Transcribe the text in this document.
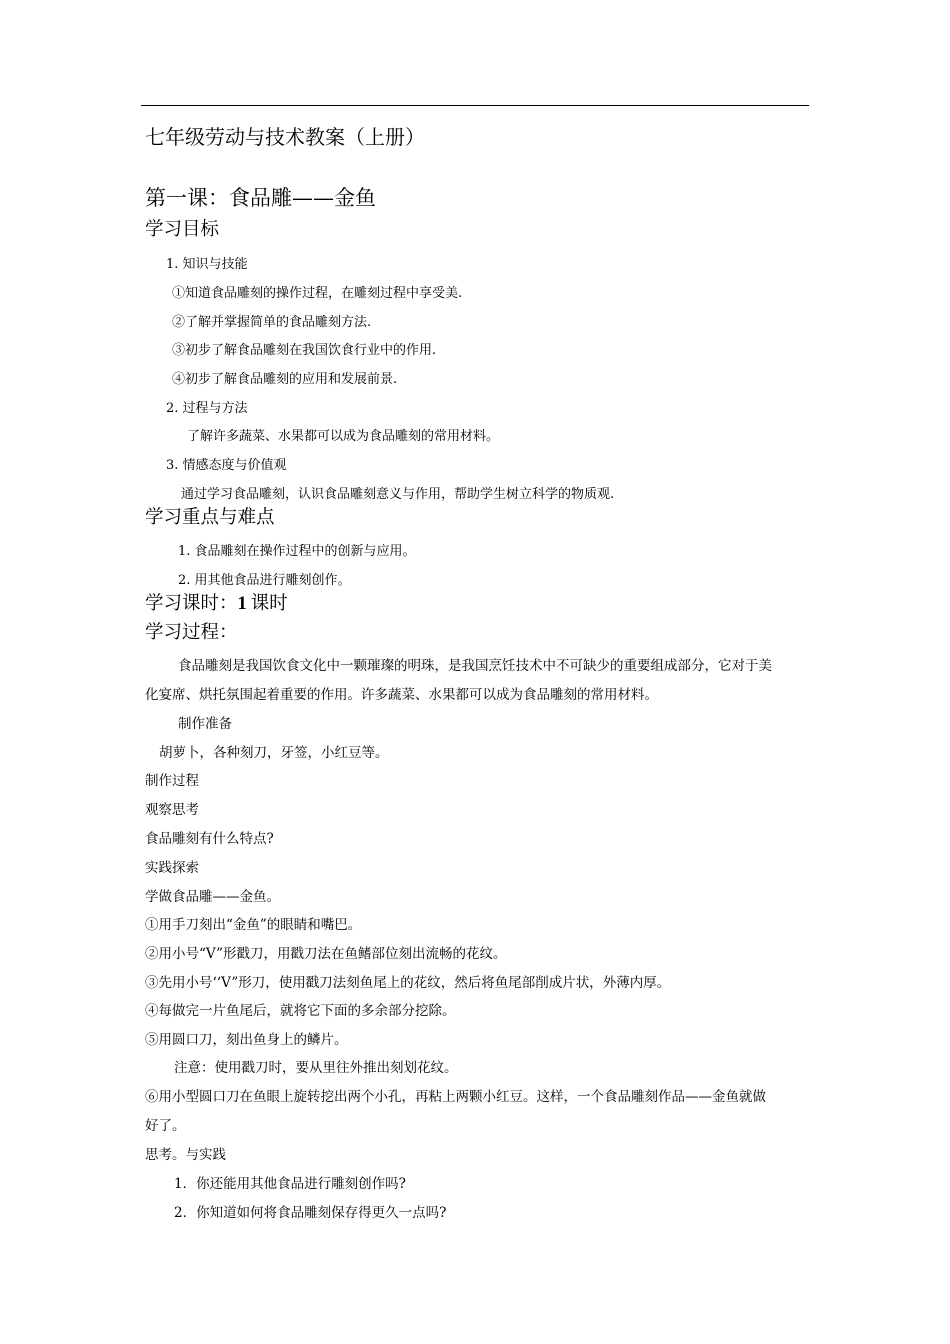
七年级劳动与技术教案（上册）
第一课：食品雕——金鱼
学习目标
1. 知识与技能
①知道食品雕刻的操作过程，在雕刻过程中享受美.
②了解并掌握简单的食品雕刻方法.
③初步了解食品雕刻在我国饮食行业中的作用.
④初步了解食品雕刻的应用和发展前景.
2. 过程与方法
了解许多蔬菜、水果都可以成为食品雕刻的常用材料。
3. 情感态度与价值观
通过学习食品雕刻，认识食品雕刻意义与作用，帮助学生树立科学的物质观.
学习重点与难点
1. 食品雕刻在操作过程中的创新与应用。
2. 用其他食品进行雕刻创作。
学习课时：1 课时
学习过程：
食品雕刻是我国饮食文化中一颗璀璨的明珠，是我国烹饪技术中不可缺少的重要组成部分，它对于美
化宴席、烘托氛围起着重要的作用。许多蔬菜、水果都可以成为食品雕刻的常用材料。
制作准备
胡萝卜，各种刻刀，牙签，小红豆等。
制作过程
观察思考
食品雕刻有什么特点?
实践探索
学做食品雕——金鱼。
①用手刀刻出“金鱼”的眼睛和嘴巴。
②用小号“V”形戳刀，用戳刀法在鱼鳍部位刻出流畅的花纹。
③先用小号‘‘V”形刀，使用戳刀法刻鱼尾上的花纹，然后将鱼尾部削成片状，外薄内厚。
④每做完一片鱼尾后，就将它下面的多余部分挖除。
⑤用圆口刀，刻出鱼身上的鳞片。
注意：使用戳刀时，要从里往外推出刻划花纹。
⑥用小型圆口刀在鱼眼上旋转挖出两个小孔，再粘上两颗小红豆。这样，一个食品雕刻作品——金鱼就做
好了。
思考。与实践
1．你还能用其他食品进行雕刻创作吗?
2．你知道如何将食品雕刻保存得更久一点吗?
